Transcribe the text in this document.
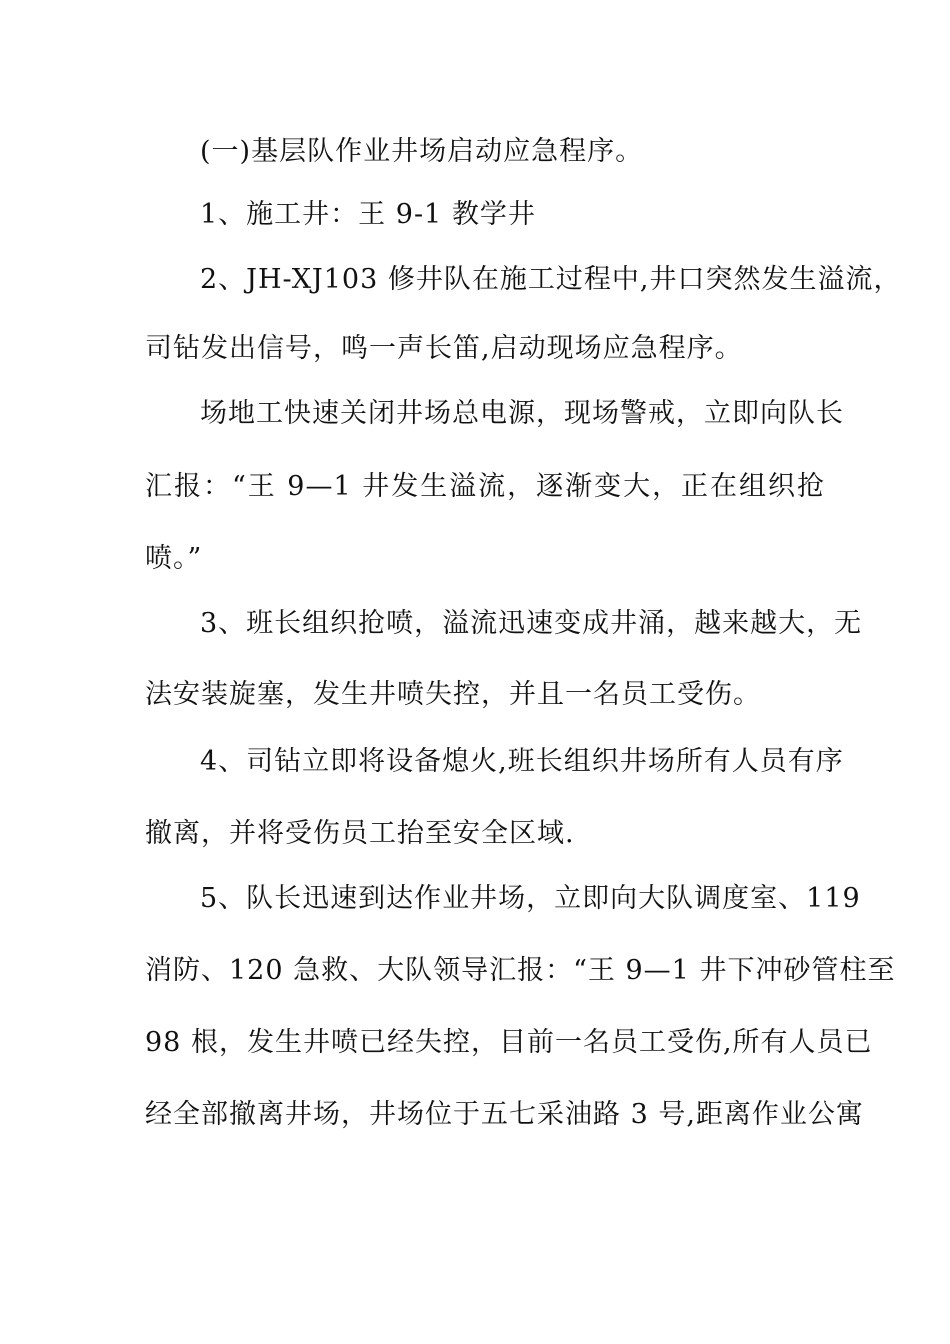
(一)基层队作业井场启动应急程序。
1、施工井：王 9-1 教学井
2、JH-XJ103 修井队在施工过程中,井口突然发生溢流，
司钻发出信号，鸣一声长笛,启动现场应急程序。
场地工快速关闭井场总电源，现场警戒，立即向队长
汇报：“王 9—1 井发生溢流，逐渐变大，正在组织抢
喷。”
3、班长组织抢喷，溢流迅速变成井涌，越来越大，无
法安装旋塞，发生井喷失控，并且一名员工受伤。
4、司钻立即将设备熄火,班长组织井场所有人员有序
撤离，并将受伤员工抬至安全区域.
5、队长迅速到达作业井场，立即向大队调度室、119
消防、120 急救、大队领导汇报：“王 9—1 井下冲砂管柱至
98 根，发生井喷已经失控，目前一名员工受伤,所有人员已
经全部撤离井场，井场位于五七采油路 3 号,距离作业公寓
